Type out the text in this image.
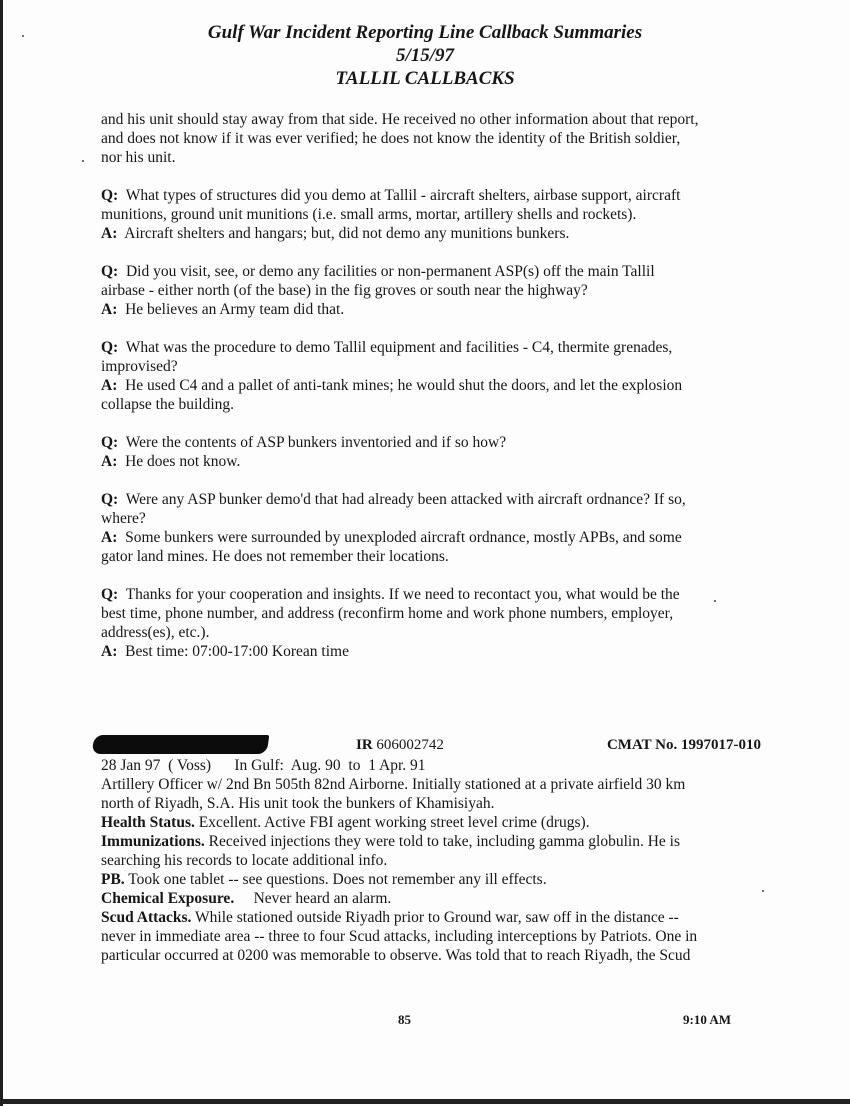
Gulf War Incident Reporting Line Callback Summaries
5/15/97
TALLIL CALLBACKS

and his unit should stay away from that side. He received no other information about that report,

and does not know if it was ever verified; he does not know the identity of the British soldier,

nor his unit.

Q: What types of structures did you demo at Tallil - aircraft shelters, airbase support, aircraft

munitions, ground unit munitions (i.e. small arms, mortar, artillery shells and rockets).

A: Aircraft shelters and hangars; but, did not demo any munitions bunkers.

Q: Did you visit, see, or demo any facilities or non-permanent ASP(s) off the main Tallil

airbase - either north (of the base) in the fig groves or south near the highway?

A: He believes an Army team did that.

Q: What was the procedure to demo Tallil equipment and facilities - C4, thermite grenades,

improvised?

A: He used C4 and a pallet of anti-tank mines; he would shut the doors, and let the explosion

collapse the building.

Q: Were the contents of ASP bunkers inventoried and if so how?

A: He does not know.

Q: Were any ASP bunker demo'd that had already been attacked with aircraft ordnance? If so,

where?

A: Some bunkers were surrounded by unexploded aircraft ordnance, mostly APBs, and some

gator land mines. He does not remember their locations.

Q: Thanks for your cooperation and insights. If we need to recontact you, what would be the

best time, phone number, and address (reconfirm home and work phone numbers, employer,

address(es), etc.).

A: Best time: 07:00-17:00 Korean time

IR 606002742	CMAT No. 1997017-010

28 Jan 97  ( Voss)      In Gulf:  Aug. 90  to  1 Apr. 91

Artillery Officer w/ 2nd Bn 505th 82nd Airborne. Initially stationed at a private airfield 30 km

north of Riyadh, S.A. His unit took the bunkers of Khamisiyah.

Health Status. Excellent. Active FBI agent working street level crime (drugs).

Immunizations. Received injections they were told to take, including gamma globulin. He is

searching his records to locate additional info.

PB. Took one tablet -- see questions. Does not remember any ill effects.

Chemical Exposure.     Never heard an alarm.

Scud Attacks. While stationed outside Riyadh prior to Ground war, saw off in the distance --

never in immediate area -- three to four Scud attacks, including interceptions by Patriots. One in

particular occurred at 0200 was memorable to observe. Was told that to reach Riyadh, the Scud

85	9:10 AM
